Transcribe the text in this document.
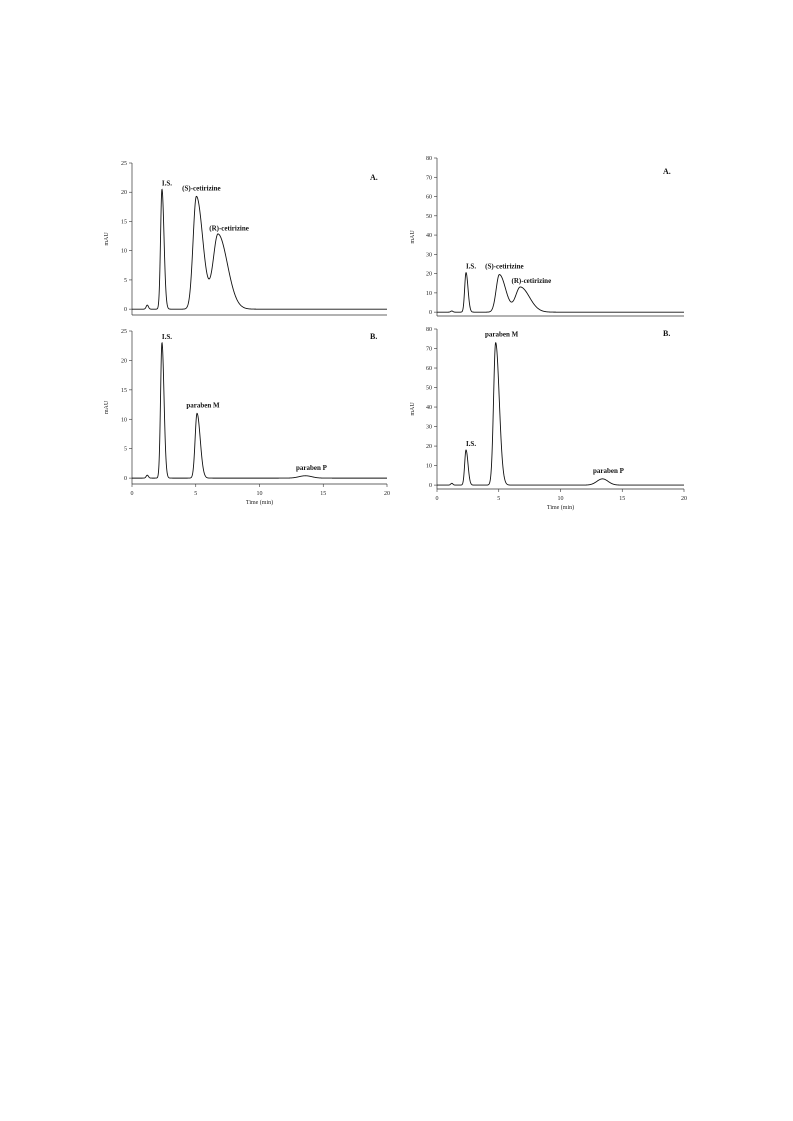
0
5
10
15
20
25
mAU
A.
I.S.
(S)-cetirizine
(R)-cetirizine
0
5
10
15
20
25
0	5	10	15	20
mAU
Time (min)
B.
I.S.
paraben M
paraben P
0
10
20
30
40
50
60
70
80
mAU
A.
I.S. (S)-cetirizine
(R)-cetirizine
0
10
20
30
40
50
60
70
80
0	5	10	15	20
mAU
Time (min)
B.
I.S.
paraben M
paraben P
